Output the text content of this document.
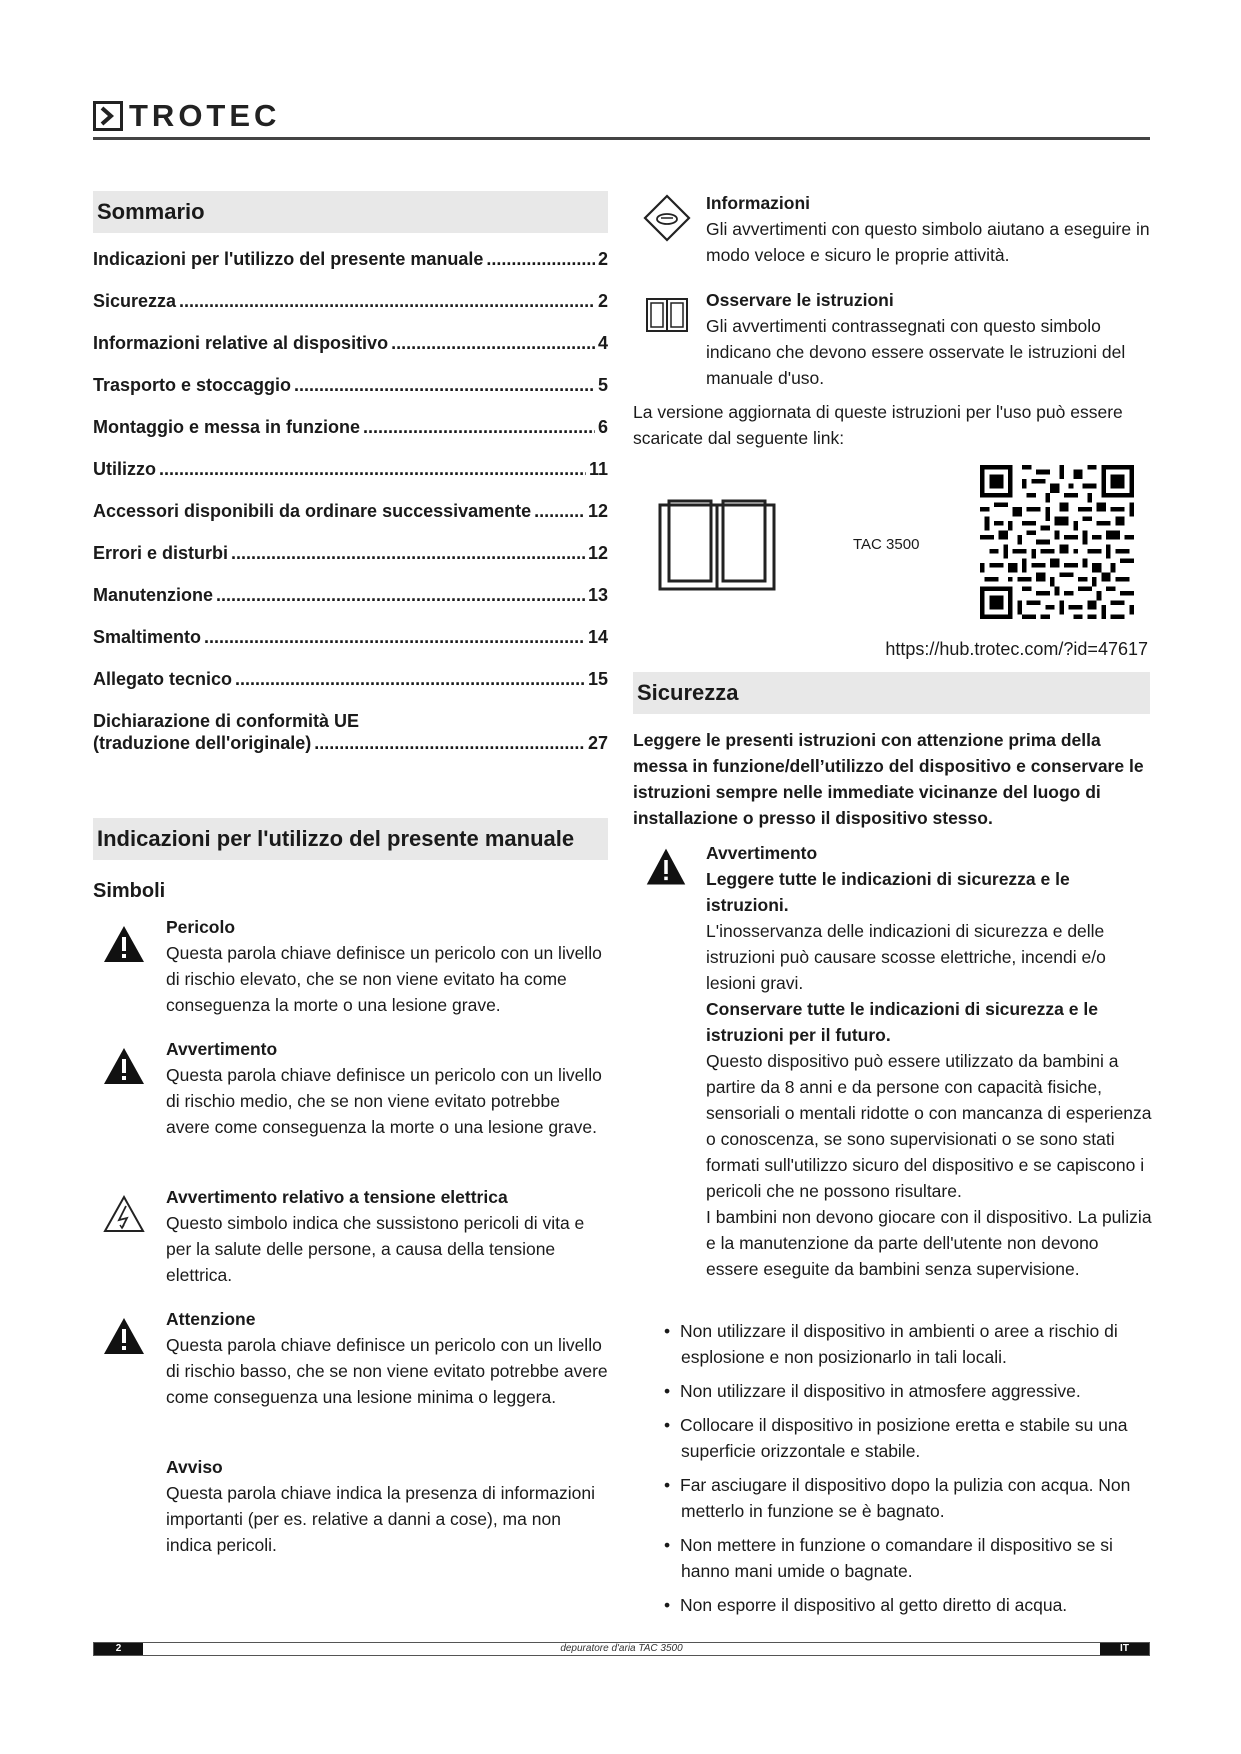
TROTEC
Sommario
Indicazioni per l'utilizzo del presente manuale .....	2
Sicurezza .....	2
Informazioni relative al dispositivo .....	4
Trasporto e stoccaggio .....	5
Montaggio e messa in funzione .....	6
Utilizzo .....	11
Accessori disponibili da ordinare successivamente .....	12
Errori e disturbi .....	12
Manutenzione .....	13
Smaltimento .....	14
Allegato tecnico .....	15
Dichiarazione di conformità UE
(traduzione dell'originale) .....	27
Indicazioni per l'utilizzo del presente manuale
Simboli
Pericolo
Questa parola chiave definisce un pericolo con un livello di rischio elevato, che se non viene evitato ha come conseguenza la morte o una lesione grave.
Avvertimento
Questa parola chiave definisce un pericolo con un livello di rischio medio, che se non viene evitato potrebbe avere come conseguenza la morte o una lesione grave.
Avvertimento relativo a tensione elettrica
Questo simbolo indica che sussistono pericoli di vita e per la salute delle persone, a causa della tensione elettrica.
Attenzione
Questa parola chiave definisce un pericolo con un livello di rischio basso, che se non viene evitato potrebbe avere come conseguenza una lesione minima o leggera.
Avviso
Questa parola chiave indica la presenza di informazioni importanti (per es. relative a danni a cose), ma non indica pericoli.
Informazioni
Gli avvertimenti con questo simbolo aiutano a eseguire in modo veloce e sicuro le proprie attività.
Osservare le istruzioni
Gli avvertimenti contrassegnati con questo simbolo indicano che devono essere osservate le istruzioni del manuale d'uso.
La versione aggiornata di queste istruzioni per l'uso può essere scaricate dal seguente link:
TAC 3500
https://hub.trotec.com/?id=47617
Sicurezza
Leggere le presenti istruzioni con attenzione prima della messa in funzione/dell’utilizzo del dispositivo e conservare le istruzioni sempre nelle immediate vicinanze del luogo di installazione o presso il dispositivo stesso.
Avvertimento
Leggere tutte le indicazioni di sicurezza e le istruzioni.
L'inosservanza delle indicazioni di sicurezza e delle istruzioni può causare scosse elettriche, incendi e/o lesioni gravi.
Conservare tutte le indicazioni di sicurezza e le istruzioni per il futuro.
Questo dispositivo può essere utilizzato da bambini a partire da 8 anni e da persone con capacità fisiche, sensoriali o mentali ridotte o con mancanza di esperienza o conoscenza, se sono supervisionati o se sono stati formati sull'utilizzo sicuro del dispositivo e se capiscono i pericoli che ne possono risultare.
I bambini non devono giocare con il dispositivo. La pulizia e la manutenzione da parte dell'utente non devono essere eseguite da bambini senza supervisione.
• Non utilizzare il dispositivo in ambienti o aree a rischio di esplosione e non posizionarlo in tali locali.
• Non utilizzare il dispositivo in atmosfere aggressive.
• Collocare il dispositivo in posizione eretta e stabile su una superficie orizzontale e stabile.
• Far asciugare il dispositivo dopo la pulizia con acqua. Non metterlo in funzione se è bagnato.
• Non mettere in funzione o comandare il dispositivo se si hanno mani umide o bagnate.
• Non esporre il dispositivo al getto diretto di acqua.
depuratore d'aria TAC 3500
2	IT
